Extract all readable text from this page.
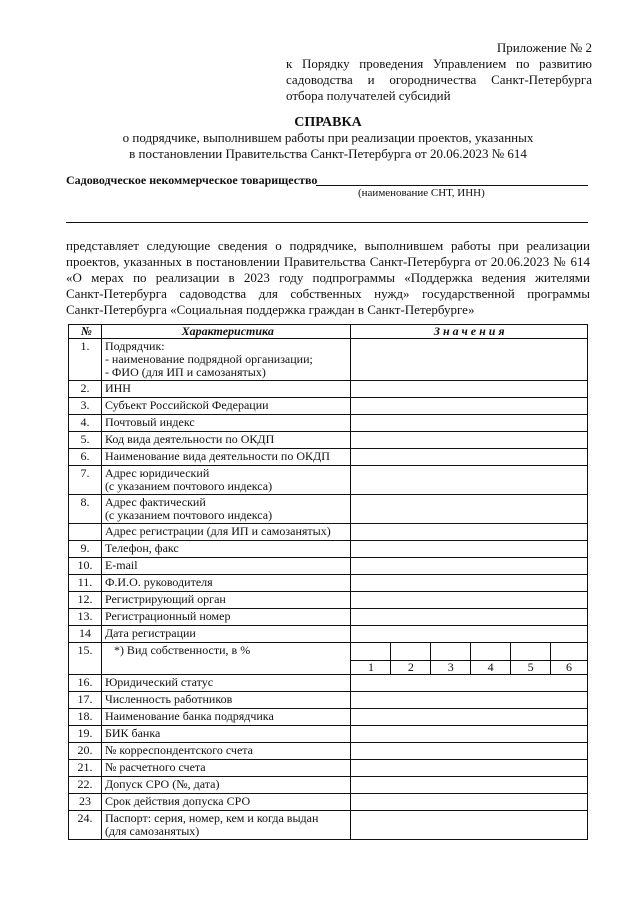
Приложение № 2
к Порядку проведения Управлением по развитию
садоводства и огородничества Санкт-Петербурга
отбора получателей субсидий
СПРАВКА
о подрядчике, выполнившем работы при реализации проектов, указанных
в постановлении Правительства Санкт-Петербурга от 20.06.2023 № 614
Садоводческое некоммерческое товарищество
(наименование СНТ, ИНН)
представляет следующие сведения о подрядчике, выполнившем работы при реализации
проектов, указанных в постановлении Правительства Санкт-Петербурга от 20.06.2023 № 614
«О мерах по реализации в 2023 году подпрограммы «Поддержка ведения жителями
Санкт-Петербурга садоводства для собственных нужд» государственной программы
Санкт-Петербурга «Социальная поддержка граждан в Санкт-Петербурге»
№	Характеристика	Значения					
1.	Подрядчик:
- наименование подрядной организации;
- ФИО (для ИП и самозанятых)						

2.	ИНН						

3.	Субъект Российской Федерации						

4.	Почтовый индекс						

5.	Код вида деятельности по ОКДП						

6.	Наименование вида деятельности по ОКДП						

7.	Адрес юридический
(с указанием почтового индекса)						

8.	Адрес фактический
(с указанием почтового индекса)						

	Адрес регистрации (для ИП и самозанятых)						

9.	Телефон, факс						

10.	E-mail						

11.	Ф.И.О. руководителя						

12.	Регистрирующий орган						

13.	Регистрационный номер						

14	Дата регистрации						

15.	*) Вид собственности, в %						
		1	2	3	4	5	6
16.	Юридический статус						

17.	Численность работников						

18.	Наименование банка подрядчика						

19.	БИК банка						

20.	№ корреспондентского счета						

21.	№ расчетного счета						

22.	Допуск СРО (№, дата)						

23	Срок действия допуска СРО						

24.	Паспорт: серия, номер, кем и когда выдан
(для самозанятых)						
